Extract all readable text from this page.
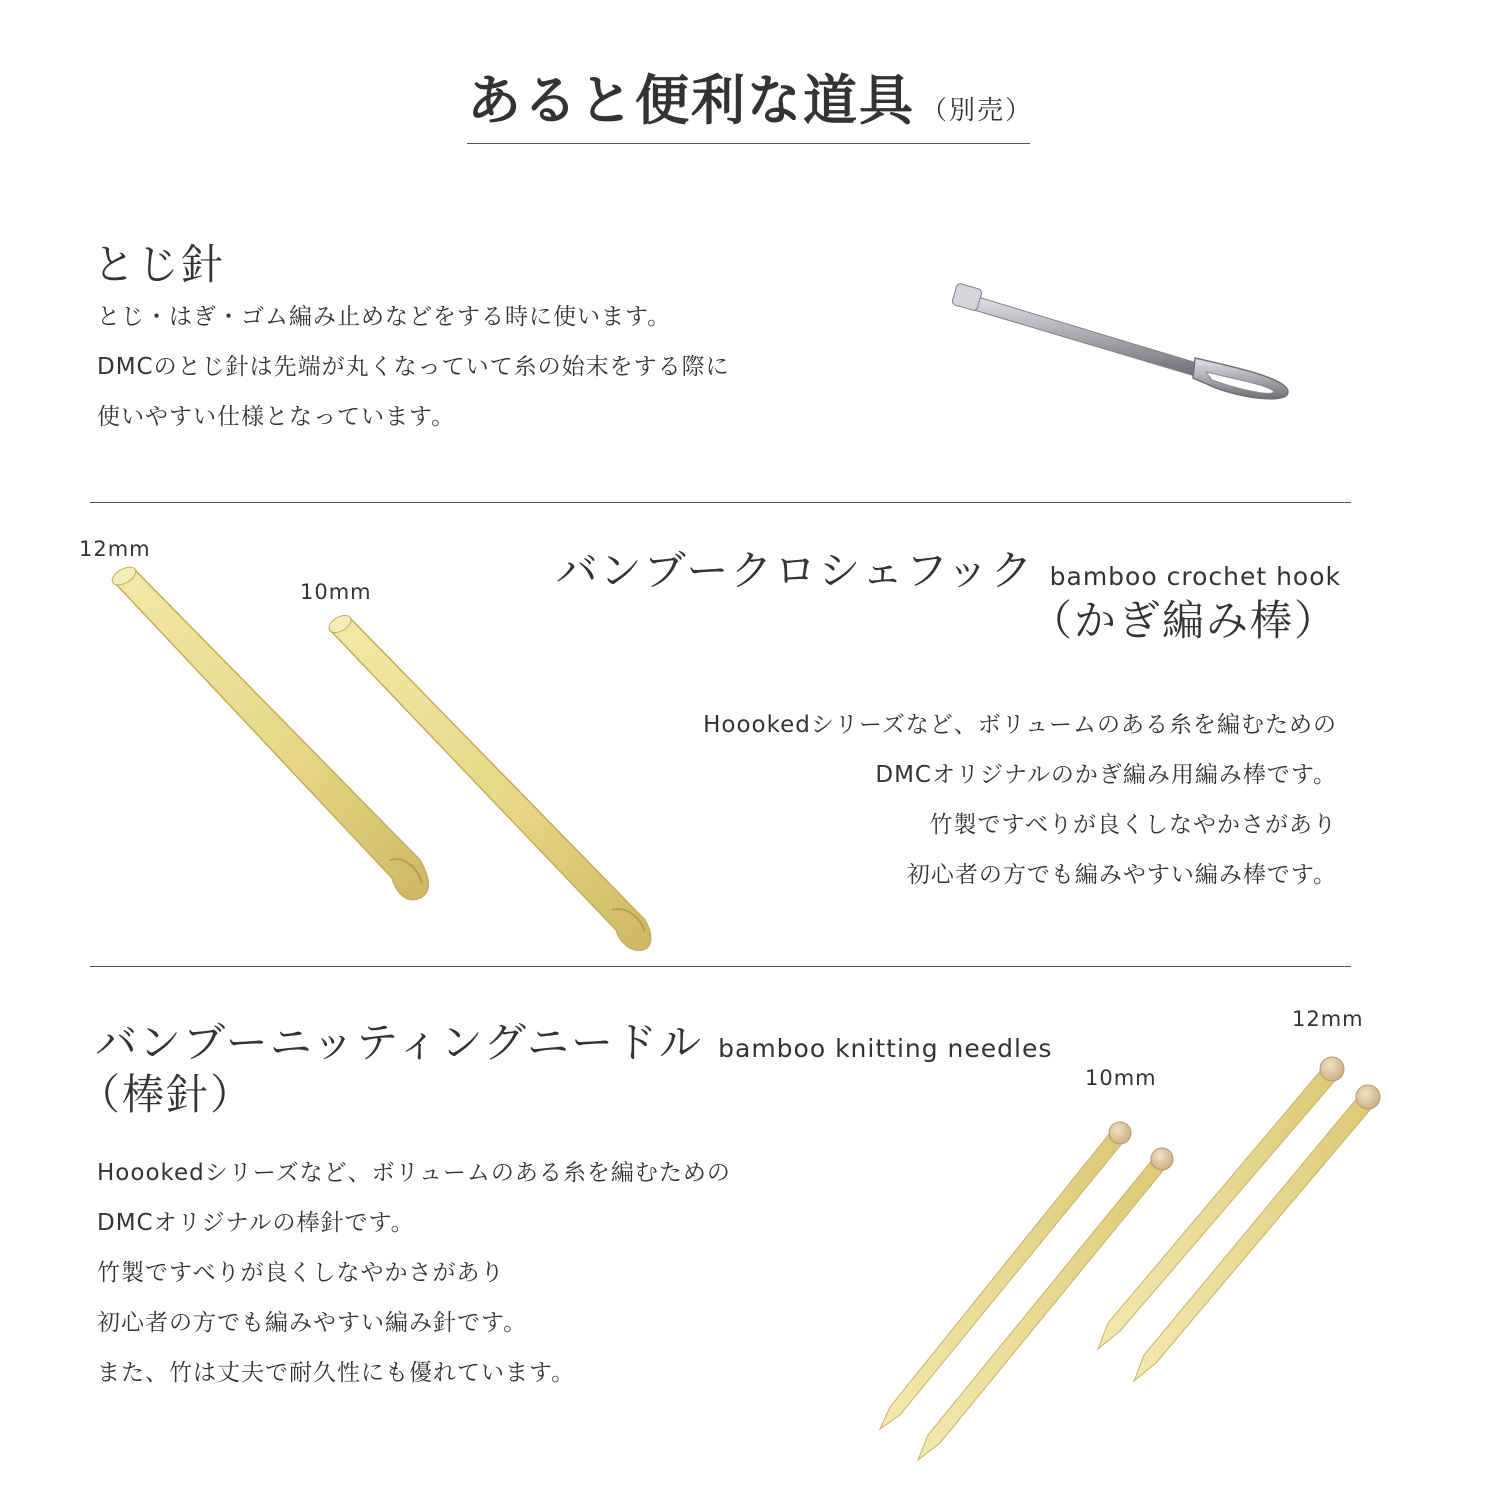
あると便利な道具 （別売）
とじ針
とじ・はぎ・ゴム編み止めなどをする時に使います。
DMCのとじ針は先端が丸くなっていて糸の始末をする際に
使いやすい仕様となっています。
12mm
10mm	バンブークロシェフック bamboo crochet hook
（かぎ編み棒）
Hoookedシリーズなど、ボリュームのある糸を編むための
DMCオリジナルのかぎ編み用編み棒です。
竹製ですべりが良くしなやかさがあり
初心者の方でも編みやすい編み棒です。
バンブーニッティングニードル bamboo knitting needles
（棒針）
Hoookedシリーズなど、ボリュームのある糸を編むための
DMCオリジナルの棒針です。
竹製ですべりが良くしなやかさがあり
初心者の方でも編みやすい編み針です。
また、竹は丈夫で耐久性にも優れています。
12mm
10mm
